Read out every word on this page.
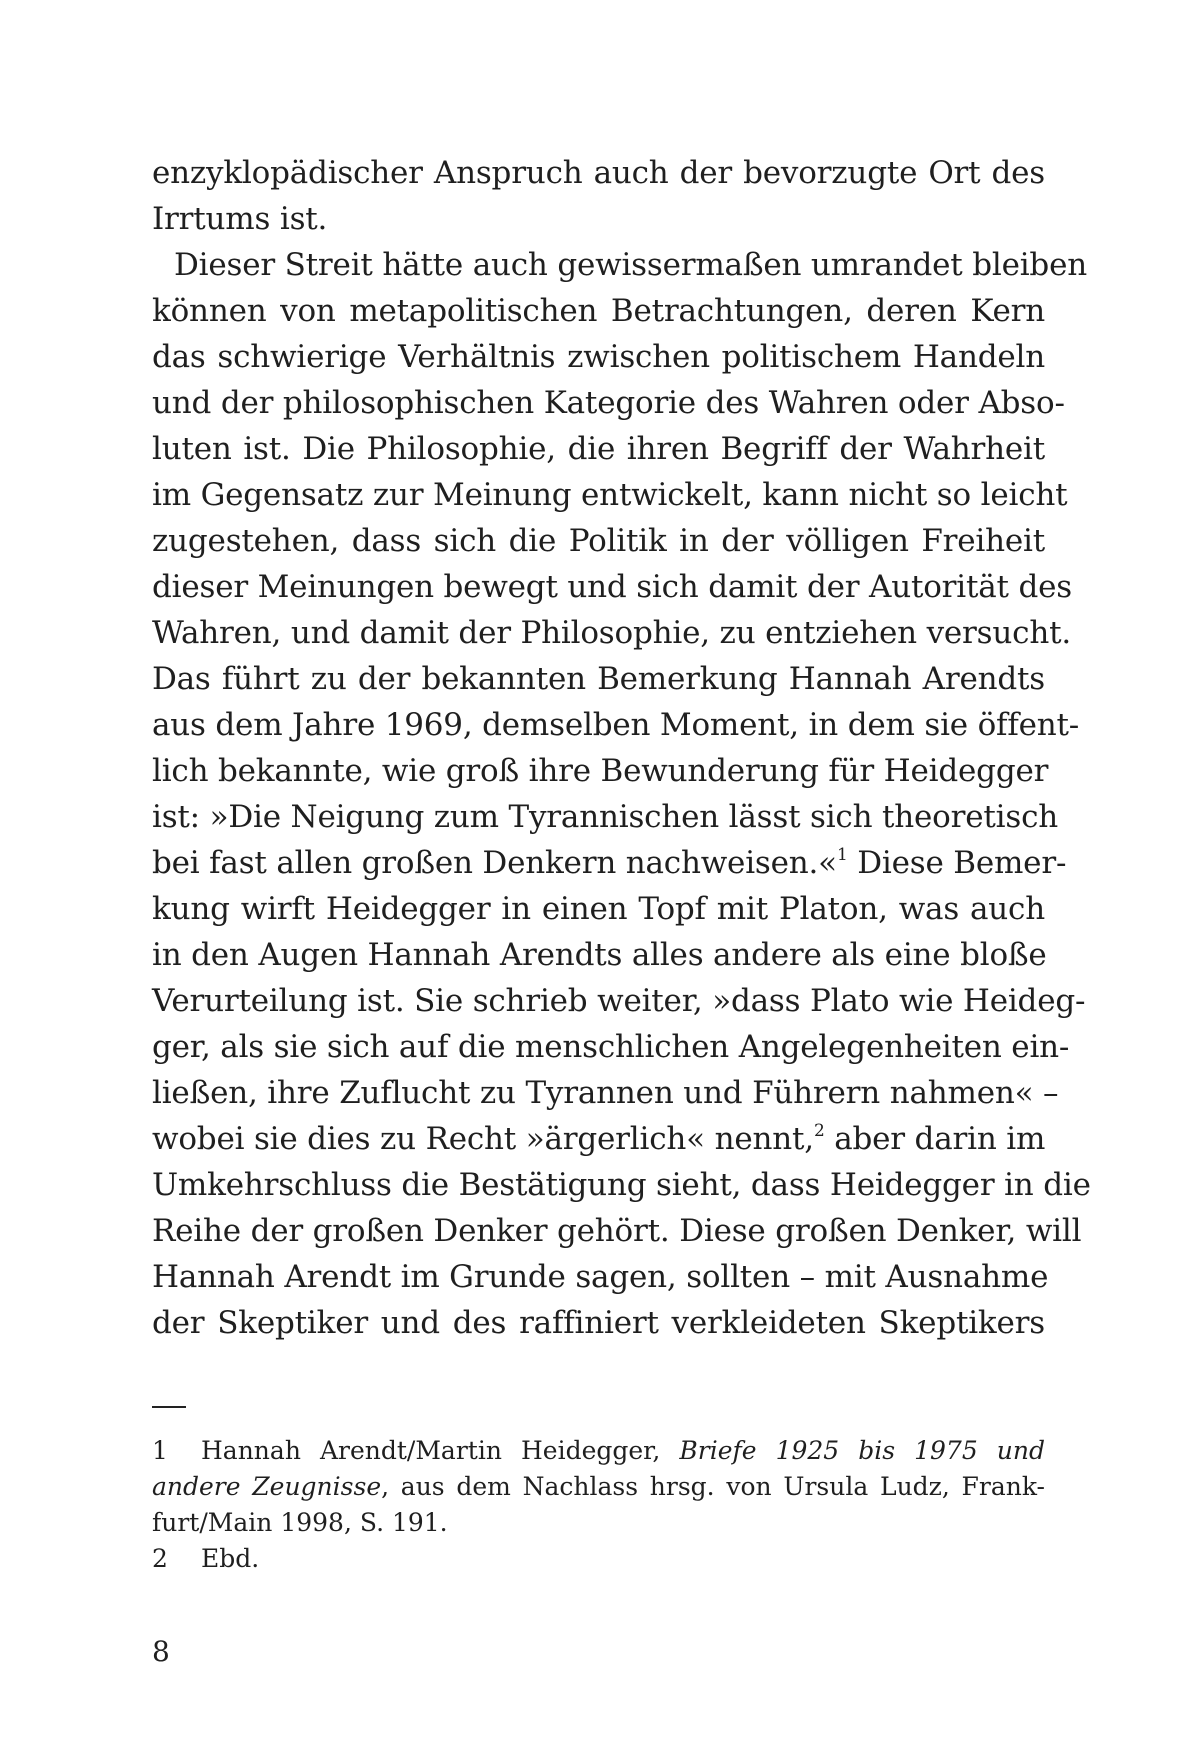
enzyklopädischer Anspruch auch der bevorzugte Ort des
Irrtums ist.
Dieser Streit hätte auch gewissermaßen umrandet bleiben
können von metapolitischen Betrachtungen, deren Kern
das schwierige Verhältnis zwischen politischem Handeln
und der philosophischen Kategorie des Wahren oder Abso-
luten ist. Die Philosophie, die ihren Begriff der Wahrheit
im Gegensatz zur Meinung entwickelt, kann nicht so leicht
zugestehen, dass sich die Politik in der völligen Freiheit
dieser Meinungen bewegt und sich damit der Autorität des
Wahren, und damit der Philosophie, zu entziehen versucht.
Das führt zu der bekannten Bemerkung Hannah Arendts
aus dem Jahre 1969, demselben Moment, in dem sie öffent-
lich bekannte, wie groß ihre Bewunderung für Heidegger
ist: »Die Neigung zum Tyrannischen lässt sich theoretisch
bei fast allen großen Denkern nachweisen.«$^1$ Diese Bemer-
kung wirft Heidegger in einen Topf mit Platon, was auch
in den Augen Hannah Arendts alles andere als eine bloße
Verurteilung ist. Sie schrieb weiter, »dass Plato wie Heideg-
ger, als sie sich auf die menschlichen Angelegenheiten ein-
ließen, ihre Zuflucht zu Tyrannen und Führern nahmen« –
wobei sie dies zu Recht »ärgerlich« nennt,$^2$ aber darin im
Umkehrschluss die Bestätigung sieht, dass Heidegger in die
Reihe der großen Denker gehört. Diese großen Denker, will
Hannah Arendt im Grunde sagen, sollten – mit Ausnahme
der Skeptiker und des raffiniert verkleideten Skeptikers
1 Hannah Arendt/Martin Heidegger, Briefe 1925 bis 1975 und
andere Zeugnisse, aus dem Nachlass hrsg. von Ursula Ludz, Frank-
furt/Main 1998, S. 191.
2 Ebd.
8
